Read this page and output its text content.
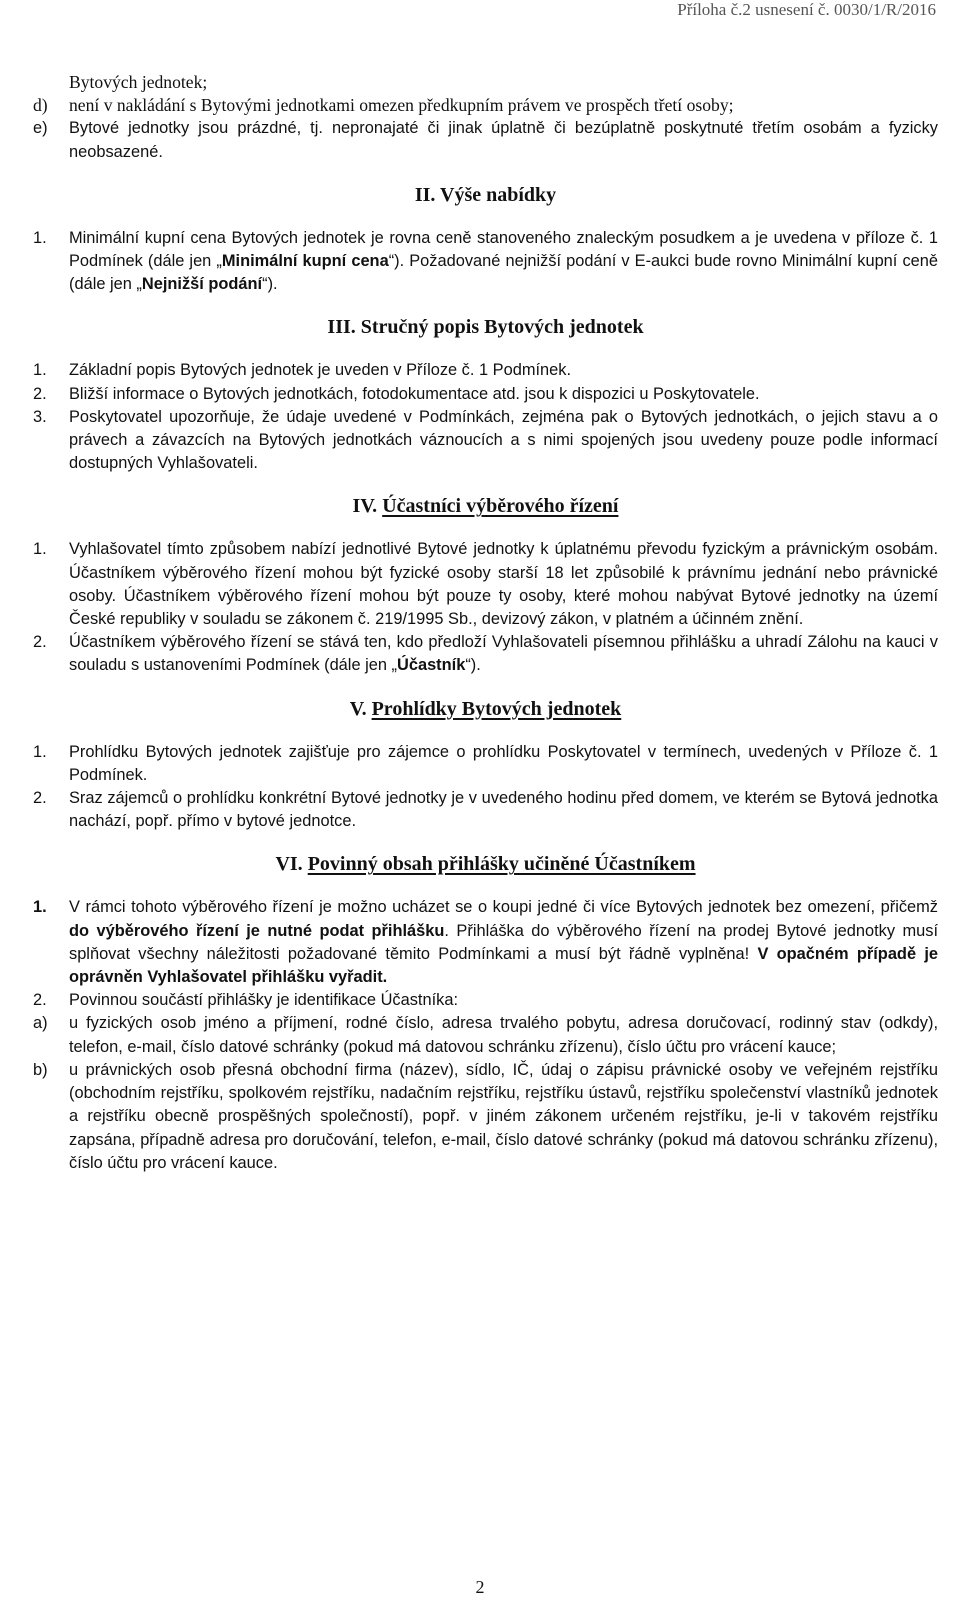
Příloha č.2 usnesení č. 0030/1/R/2016
Bytových jednotek;
d) není v nakládání s Bytovými jednotkami omezen předkupním právem ve prospěch třetí osoby;
e) Bytové jednotky jsou prázdné, tj. nepronajaté či jinak úplatně či bezúplatně poskytnuté třetím osobám a fyzicky neobsazené.
II. Výše nabídky
1. Minimální kupní cena Bytových jednotek je rovna ceně stanoveného znaleckým posudkem a je uvedena v příloze č. 1 Podmínek (dále jen „Minimální kupní cena“). Požadované nejnižší podání v E-aukci bude rovno Minimální kupní ceně (dále jen „Nejnižší podání“).
III. Stručný popis Bytových jednotek
1. Základní popis Bytových jednotek je uveden v Příloze č. 1 Podmínek.
2. Bližší informace o Bytových jednotkách, fotodokumentace atd. jsou k dispozici u Poskytovatele.
3. Poskytovatel upozorňuje, že údaje uvedené v Podmínkách, zejména pak o Bytových jednotkách, o jejich stavu a o právech a závazcích na Bytových jednotkách váznoucích a s nimi spojených jsou uvedeny pouze podle informací dostupných Vyhlašovateli.
IV. Účastníci výběrového řízení
1. Vyhlašovatel tímto způsobem nabízí jednotlivé Bytové jednotky k úplatnému převodu fyzickým a právnickým osobám. Účastníkem výběrového řízení mohou být fyzické osoby starší 18 let způsobilé k právnímu jednání nebo právnické osoby. Účastníkem výběrového řízení mohou být pouze ty osoby, které mohou nabývat Bytové jednotky na území České republiky v souladu se zákonem č. 219/1995 Sb., devizový zákon, v platném a účinném znění.
2. Účastníkem výběrového řízení se stává ten, kdo předloží Vyhlašovateli písemnou přihlášku a uhradí Zálohu na kauci v souladu s ustanoveními Podmínek (dále jen „Účastník“).
V. Prohlídky Bytových jednotek
1. Prohlídku Bytových jednotek zajišťuje pro zájemce o prohlídku Poskytovatel v termínech, uvedených v Příloze č. 1 Podmínek.
2. Sraz zájemců o prohlídku konkrétní Bytové jednotky je v uvedeného hodinu před domem, ve kterém se Bytová jednotka nachází, popř. přímo v bytové jednotce.
VI. Povinný obsah přihlášky učiněné Účastníkem
1. V rámci tohoto výběrového řízení je možno ucházet se o koupi jedné či více Bytových jednotek bez omezení, přičemž do výběrového řízení je nutné podat přihlášku. Přihláška do výběrového řízení na prodej Bytové jednotky musí splňovat všechny náležitosti požadované těmito Podmínkami a musí být řádně vyplněna! V opačném případě je oprávněn Vyhlašovatel přihlášku vyřadit.
2. Povinnou součástí přihlášky je identifikace Účastníka:
a) u fyzických osob jméno a příjmení, rodné číslo, adresa trvalého pobytu, adresa doručovací, rodinný stav (odkdy), telefon, e-mail, číslo datové schránky (pokud má datovou schránku zřízenu), číslo účtu pro vrácení kauce;
b) u právnických osob přesná obchodní firma (název), sídlo, IČ, údaj o zápisu právnické osoby ve veřejném rejstříku (obchodním rejstříku, spolkovém rejstříku, nadačním rejstříku, rejstříku ústavů, rejstříku společenství vlastníků jednotek a rejstříku obecně prospěšných společností), popř. v jiném zákonem určeném rejstříku, je-li v takovém rejstříku zapsána, případně adresa pro doručování, telefon, e-mail, číslo datové schránky (pokud má datovou schránku zřízenu), číslo účtu pro vrácení kauce.
2
